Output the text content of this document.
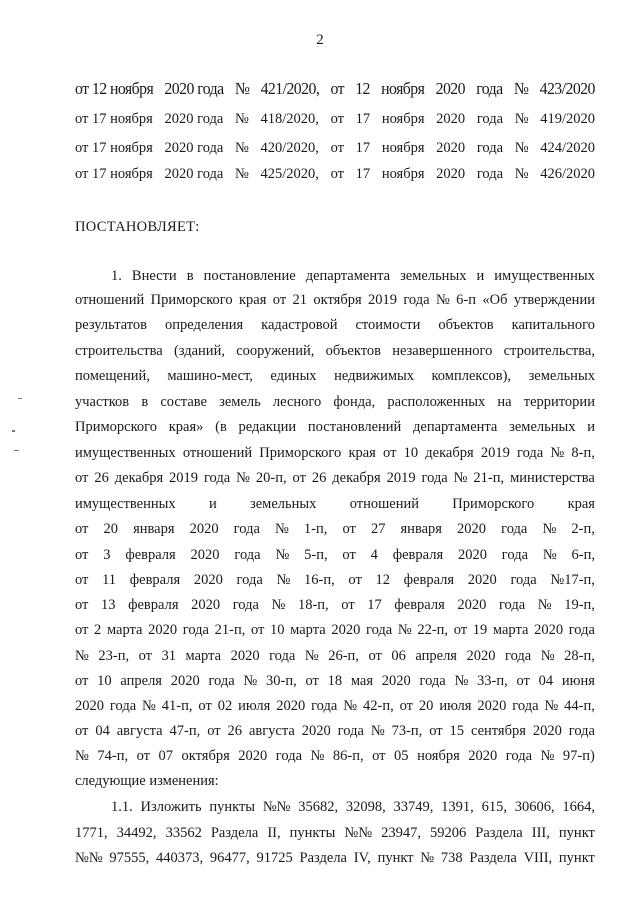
2
от 12 ноября 2020 года № 421/2020, от 12 ноября 2020 года № 423/2020
от 17 ноября 2020 года № 418/2020, от 17 ноября 2020 года № 419/2020
от 17 ноября 2020 года № 420/2020, от 17 ноября 2020 года № 424/2020
от 17 ноября 2020 года № 425/2020, от 17 ноября 2020 года № 426/2020
ПОСТАНОВЛЯЕТ:
1. Внести в постановление департамента земельных и имущественных
отношений Приморского края от 21 октября 2019 года № 6-п «Об утверждении
результатов определения кадастровой стоимости объектов капитального
строительства (зданий, сооружений, объектов незавершенного строительства,
помещений, машино-мест, единых недвижимых комплексов), земельных
участков в составе земель лесного фонда, расположенных на территории
Приморского края» (в редакции постановлений департамента земельных и
имущественных отношений Приморского края от 10 декабря 2019 года № 8-п,
от 26 декабря 2019 года № 20-п, от 26 декабря 2019 года № 21-п, министерства
имущественных и земельных отношений Приморского края
от 20 января 2020 года № 1-п, от 27 января 2020 года № 2-п,
от 3 февраля 2020 года № 5-п, от 4 февраля 2020 года № 6-п,
от 11 февраля 2020 года № 16-п, от 12 февраля 2020 года №17-п,
от 13 февраля 2020 года № 18-п, от 17 февраля 2020 года № 19-п,
от 2 марта 2020 года 21-п, от 10 марта 2020 года № 22-п, от 19 марта 2020 года
№ 23-п, от 31 марта 2020 года № 26-п, от 06 апреля 2020 года № 28-п,
от 10 апреля 2020 года № 30-п, от 18 мая 2020 года № 33-п, от 04 июня
2020 года № 41-п, от 02 июля 2020 года № 42-п, от 20 июля 2020 года № 44-п,
от 04 августа 47-п, от 26 августа 2020 года № 73-п, от 15 сентября 2020 года
№ 74-п, от 07 октября 2020 года № 86-п, от 05 ноября 2020 года № 97-п)
следующие изменения:
1.1. Изложить пункты №№ 35682, 32098, 33749, 1391, 615, 30606, 1664,
1771, 34492, 33562 Раздела II, пункты №№ 23947, 59206 Раздела III, пункт
№№ 97555, 440373, 96477, 91725 Раздела IV, пункт № 738 Раздела VIII, пункт
